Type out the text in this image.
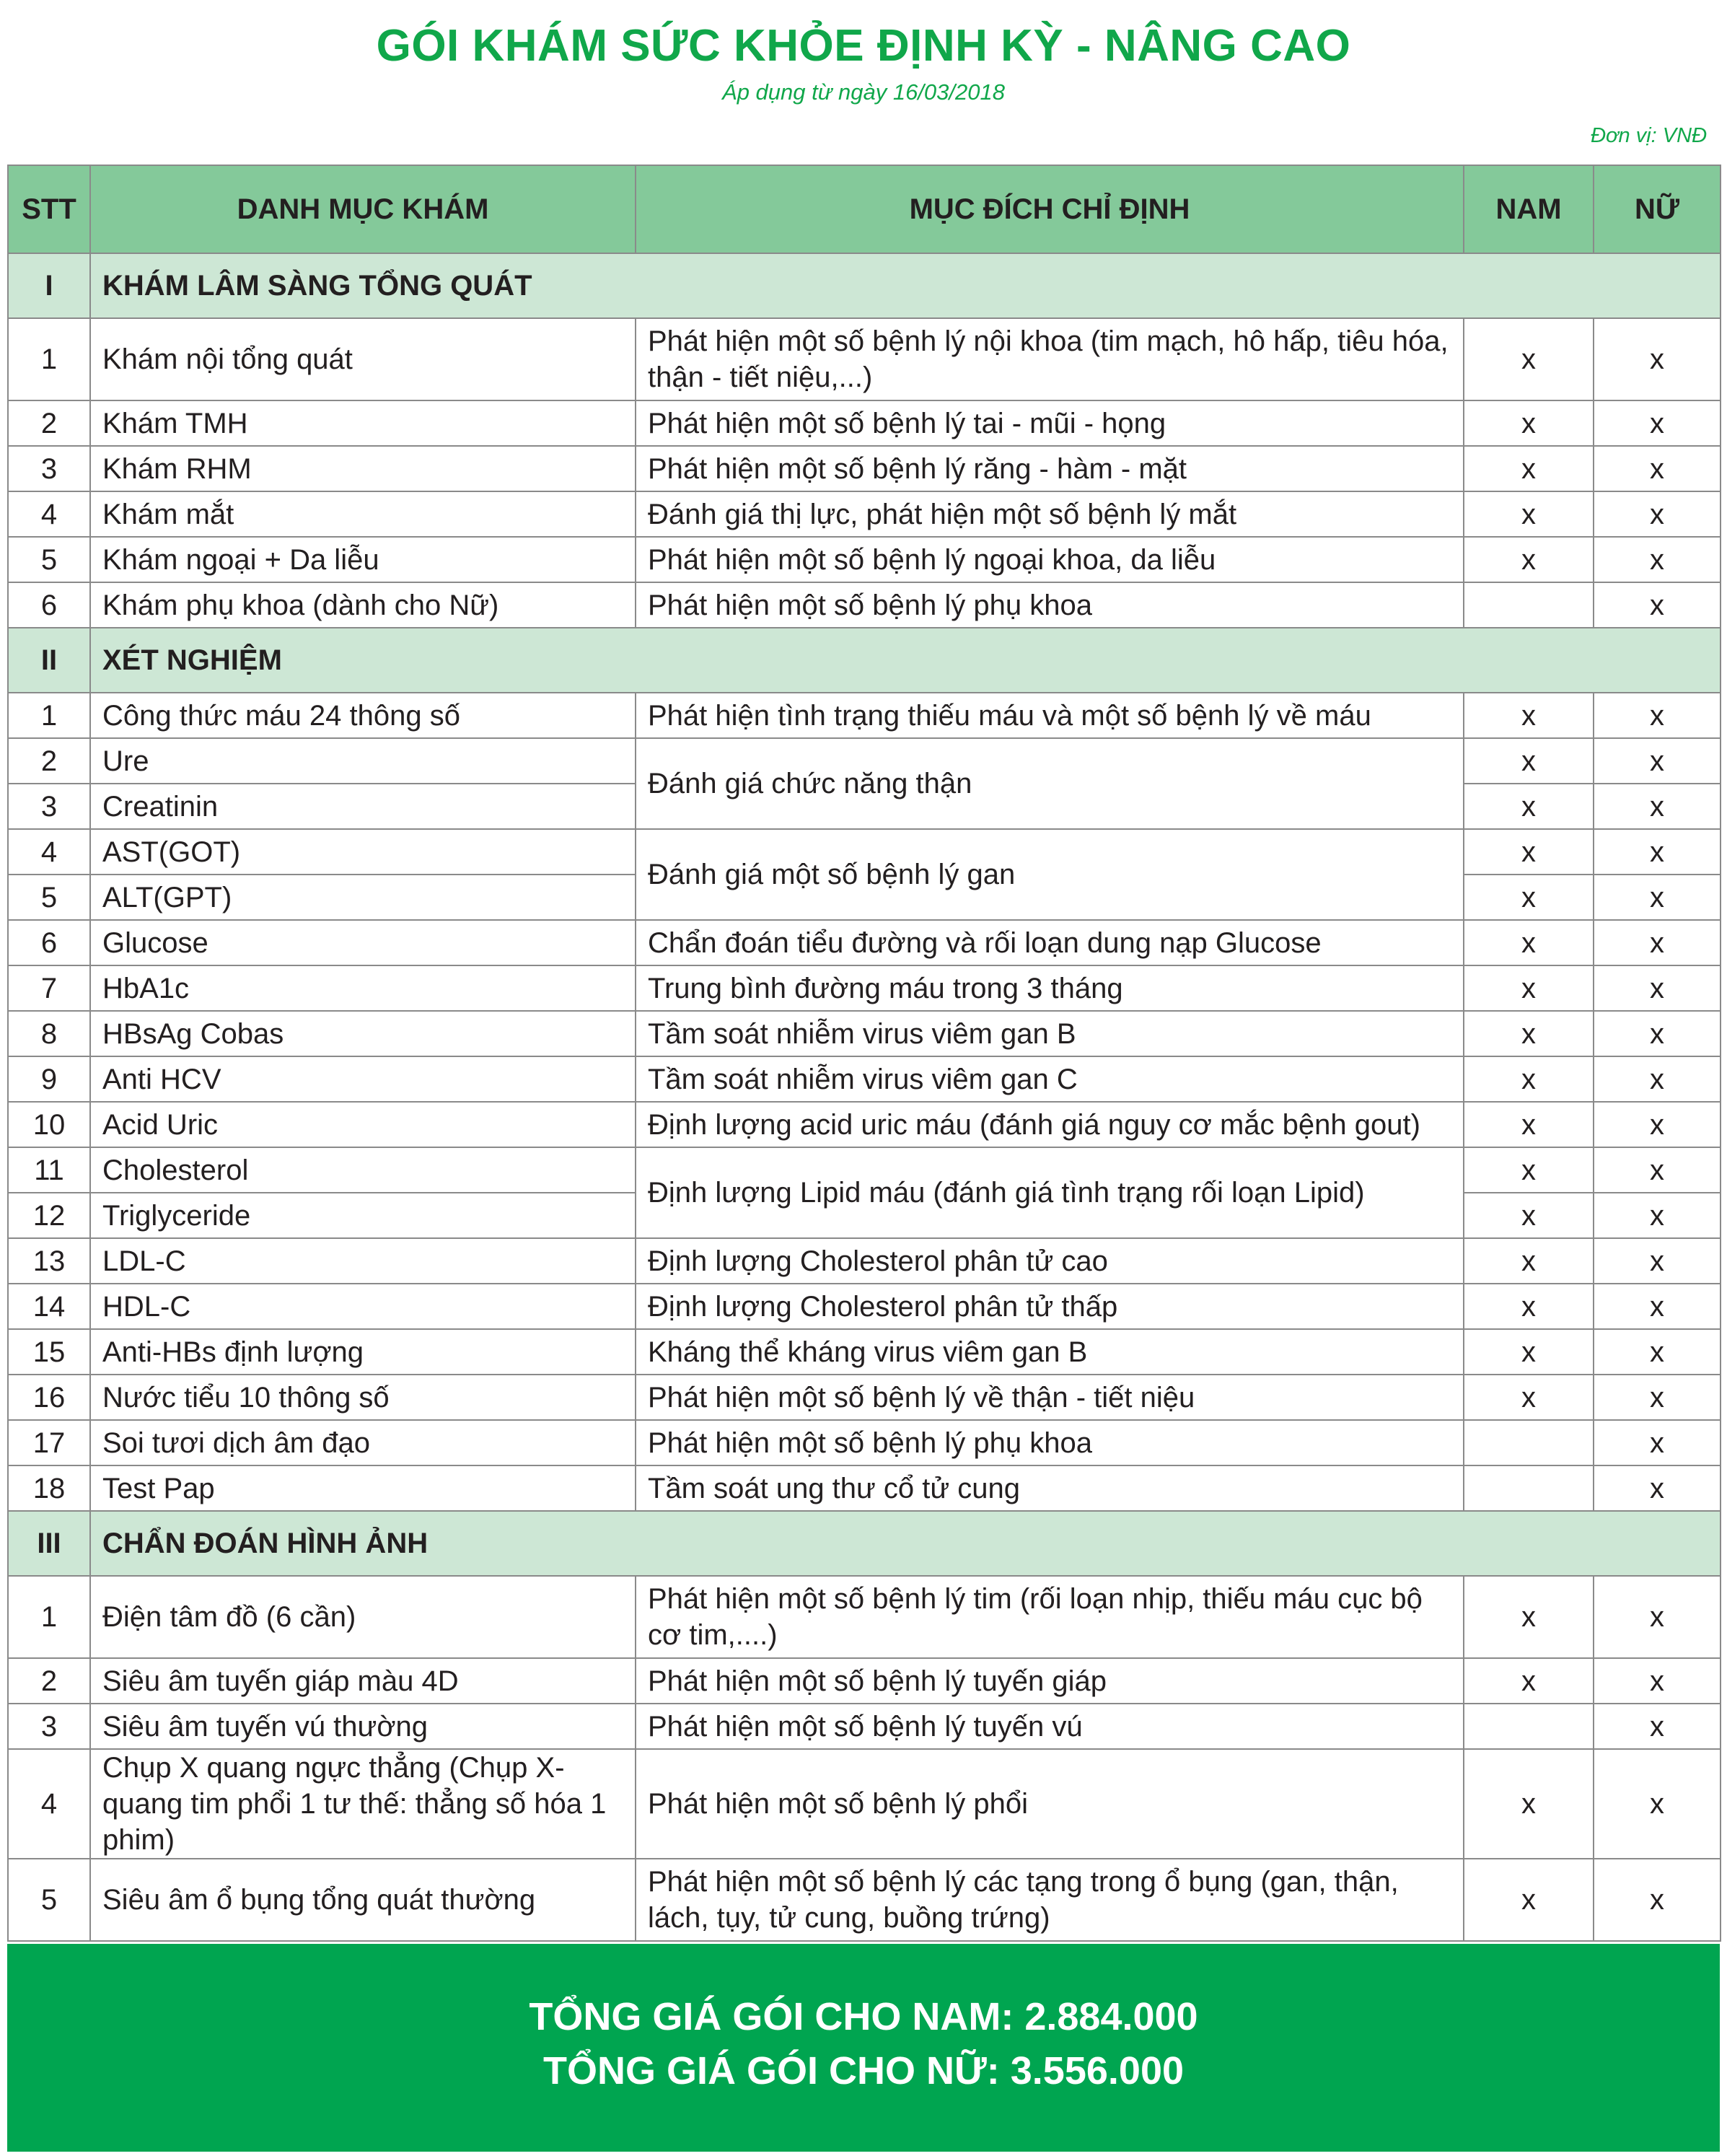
GÓI KHÁM SỨC KHỎE ĐỊNH KỲ - NÂNG CAO
Áp dụng từ ngày 16/03/2018
Đơn vị: VNĐ
STT	DANH MỤC KHÁM	MỤC ĐÍCH CHỈ ĐỊNH	NAM	NỮ
I	KHÁM LÂM SÀNG TỔNG QUÁT			
1	Khám nội tổng quát	Phát hiện một số bệnh lý nội khoa (tim mạch, hô hấp, tiêu hóa, thận - tiết niệu,...)	x	x
2	Khám TMH	Phát hiện một số bệnh lý tai - mũi - họng	x	x
3	Khám RHM	Phát hiện một số bệnh lý răng - hàm - mặt	x	x
4	Khám mắt	Đánh giá thị lực, phát hiện một số bệnh lý mắt	x	x
5	Khám ngoại + Da liễu	Phát hiện một số bệnh lý ngoại khoa, da liễu	x	x
6	Khám phụ khoa (dành cho Nữ)	Phát hiện một số bệnh lý phụ khoa		x
II	XÉT NGHIỆM			
1	Công thức máu 24 thông số	Phát hiện tình trạng thiếu máu và một số bệnh lý về máu	x	x
2	Ure	Đánh giá chức năng thận	x	x
3	Creatinin		x	x
4	AST(GOT)	Đánh giá một số bệnh lý gan	x	x
5	ALT(GPT)		x	x
6	Glucose	Chẩn đoán tiểu đường và rối loạn dung nạp Glucose	x	x
7	HbA1c	Trung bình đường máu trong 3 tháng	x	x
8	HBsAg Cobas	Tầm soát nhiễm virus viêm gan B	x	x
9	Anti HCV	Tầm soát nhiễm virus viêm gan C	x	x
10	Acid Uric	Định lượng acid uric máu (đánh giá nguy cơ mắc bệnh gout)	x	x
11	Cholesterol	Định lượng Lipid máu (đánh giá tình trạng rối loạn Lipid)	x	x
12	Triglyceride		x	x
13	LDL-C	Định lượng Cholesterol phân tử cao	x	x
14	HDL-C	Định lượng Cholesterol phân tử thấp	x	x
15	Anti-HBs định lượng	Kháng thể kháng virus viêm gan B	x	x
16	Nước tiểu 10 thông số	Phát hiện một số bệnh lý về thận - tiết niệu	x	x
17	Soi tươi dịch âm đạo	Phát hiện một số bệnh lý phụ khoa		x
18	Test Pap	Tầm soát ung thư cổ tử cung		x
III	CHẨN ĐOÁN HÌNH ẢNH			
1	Điện tâm đồ (6 cần)	Phát hiện một số bệnh lý tim (rối loạn nhịp, thiếu máu cục bộ cơ tim,....)	x	x
2	Siêu âm tuyến giáp màu 4D	Phát hiện một số bệnh lý tuyến giáp	x	x
3	Siêu âm tuyến vú thường	Phát hiện một số bệnh lý tuyến vú		x
4	Chụp X quang ngực thẳng (Chụp X-quang tim phổi 1 tư thế: thẳng số hóa 1 phim)	Phát hiện một số bệnh lý phổi	x	x
5	Siêu âm ổ bụng tổng quát thường	Phát hiện một số bệnh lý các tạng trong ổ bụng (gan, thận, lách, tụy, tử cung, buồng trứng)	x	x
TỔNG GIÁ GÓI CHO NAM: 2.884.000
TỔNG GIÁ GÓI CHO NỮ: 3.556.000
